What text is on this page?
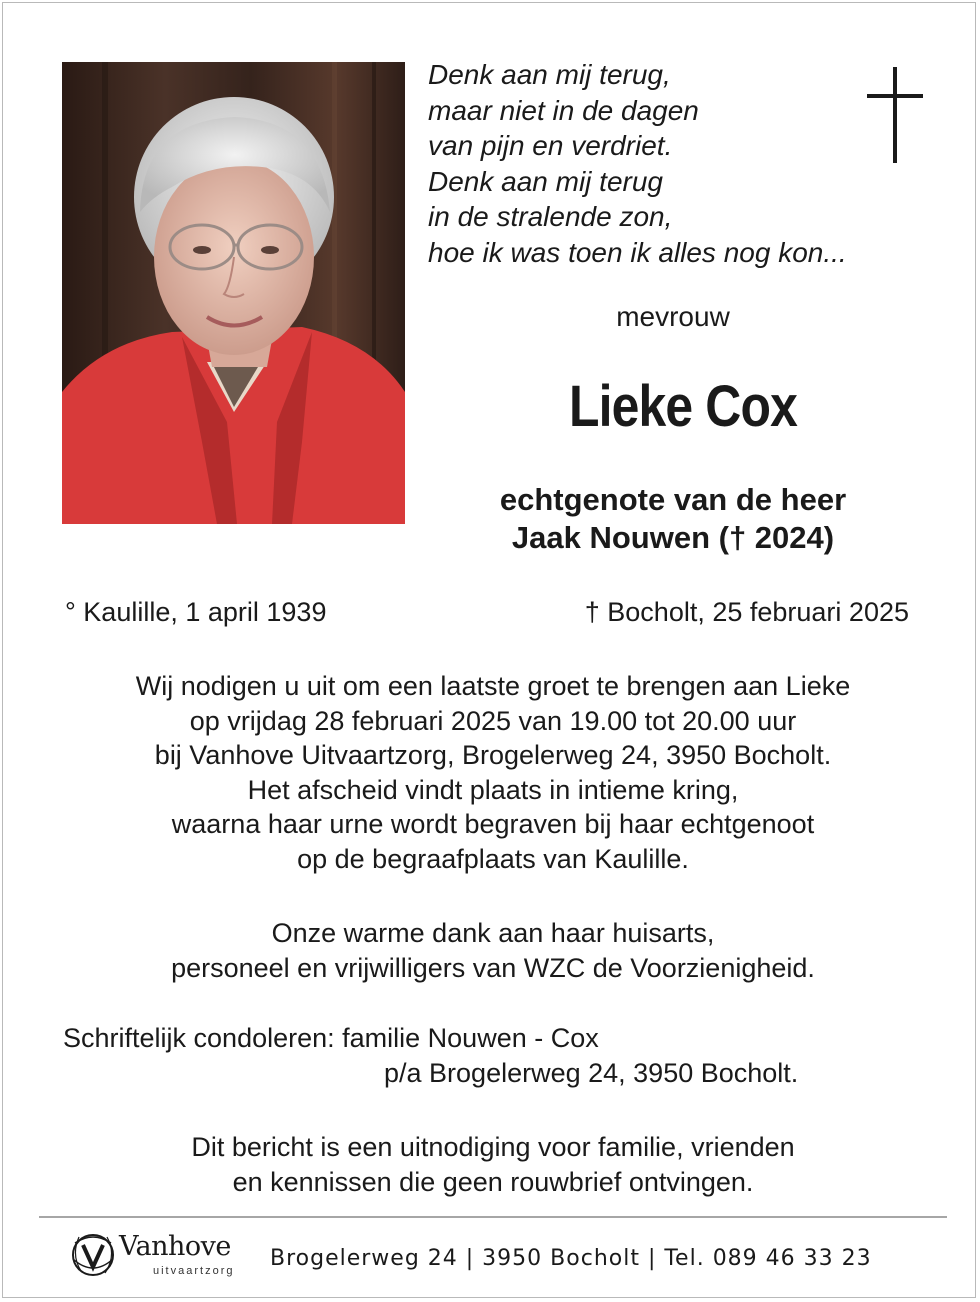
Denk aan mij terug,
maar niet in de dagen
van pijn en verdriet.
Denk aan mij terug
in de stralende zon,
hoe ik was toen ik alles nog kon...
mevrouw
Lieke Cox
echtgenote van de heer
Jaak Nouwen († 2024)
° Kaulille, 1 april 1939	† Bocholt, 25 februari 2025
Wij nodigen u uit om een laatste groet te brengen aan Lieke
op vrijdag 28 februari 2025 van 19.00 tot 20.00 uur
bij Vanhove Uitvaartzorg, Brogelerweg 24, 3950 Bocholt.
Het afscheid vindt plaats in intieme kring,
waarna haar urne wordt begraven bij haar echtgenoot
op de begraafplaats van Kaulille.
Onze warme dank aan haar huisarts,
personeel en vrijwilligers van WZC de Voorzienigheid.
Schriftelijk condoleren: familie Nouwen - Cox
p/a Brogelerweg 24, 3950 Bocholt.
Dit bericht is een uitnodiging voor familie, vrienden
en kennissen die geen rouwbrief ontvingen.
Vanhove
uitvaartzorg Brogelerweg 24 | 3950 Bocholt | Tel. 089 46 33 23
